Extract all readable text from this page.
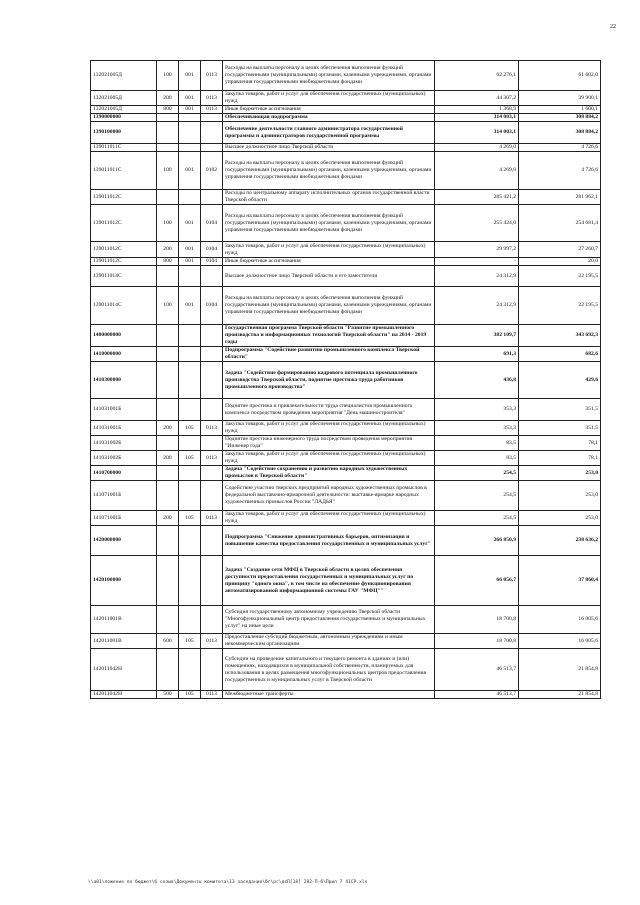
22
132021005Д	100	001	0113	Расходы на выплаты персоналу в целях обеспечения выполнения функций государственными (муниципальными) органами, казенными учреждениями, органами управления государственными внебюджетными фондами	62 276,1	61 602,0
132021005Д	200	001	0113	Закупка товаров, работ и услуг для обеспечения государственных (муниципальных) нужд	44 307,2	39 900,1
132021005Д	800	001	0113	Иные бюджетные ассигнования	1 368,9	1 600,1
1390000000				Обеспечивающая подпрограмма	314 003,1	308 884,2
1390100000				Обеспечение деятельности главного администратора государственной программы и администраторов государственной программы	314 003,1	308 884,2
139011011С				Высшее должностное лицо Тверской области	4 269,0	4 726,6
139011011С	100	001	0102	Расходы на выплаты персоналу в целях обеспечения выполнения функций государственными (муниципальными) органами, казенными учреждениями, органами управления государственными внебюджетными фондами	4 269,0	4 726,6
139011012С				Расходы по центральному аппарату исполнительных органов государственной власти Тверской области	285 421,2	281 962,1
139011012С	100	001	0104	Расходы на выплаты персоналу в целях обеспечения выполнения функций государственными (муниципальными) органами, казенными учреждениями, органами управления государственными внебюджетными фондами	255 424,0	254 681,4
139011012С	200	001	0104	Закупка товаров, работ и услуг для обеспечения государственных (муниципальных) нужд	29 997,2	27 260,7
139011012С	800	001	0104	Иные бюджетные ассигнования	-	20,0
139011014С				Высшее должностное лицо Тверской области и его заместители	24 312,9	22 195,5
139011014С	100	001	0104	Расходы на выплаты персоналу в целях обеспечения выполнения функций государственными (муниципальными) органами, казенными учреждениями, органами управления государственными внебюджетными фондами	24 312,9	22 195,5
1400000000				Государственная программа Тверской области "Развитие промышленного производства и информационных технологий Тверской области" на 2014 - 2019 годы	382 109,7	343 692,3
1410000000				Подпрограмма "Содействие развитию промышленного комплекса Тверской области"	691,3	682,6
1410300000				Задача "Содействие формированию кадрового потенциала промышленного производства Тверской области, поднятие престижа труда работников промышленного производства"	436,8	429,6
141031001Б				Поднятие престижа и привлекательности труда специалистов промышленного комплекса посредством проведения мероприятия "День машиностроителя"	353,3	351,5
141031001Б	200	105	0113	Закупка товаров, работ и услуг для обеспечения государственных (муниципальных) нужд	353,3	351,5
141031002Б				Поднятие престижа инженерного труда посредством проведения мероприятия "Инженер года"	83,5	78,1
141031002Б	200	105	0113	Закупка товаров, работ и услуг для обеспечения государственных (муниципальных) нужд	83,5	78,1
1410700000				Задача "Содействие сохранению и развитию народных художественных промыслов в Тверской области"	254,5	253,0
141071001Б				Содействие участию тверских предприятий народных художественных промыслов в федеральной выставочно-ярмарочной деятельности: выставке-ярмарке народных художественных промыслов России "ЛАДЬЯ"	254,5	253,0
141071001Б	200	105	0113	Закупка товаров, работ и услуг для обеспечения государственных (муниципальных) нужд	254,5	253,0
1420000000				Подпрограмма "Снижение административных барьеров, оптимизация и повышение качества предоставления государственных и муниципальных услуг"	266 850,9	238 636,2
1420100000				Задача "Создание сети МФЦ в Тверской области в целях обеспечения доступности предоставления государственных и муниципальных услуг по принципу "одного окна", в том числе на обеспечение функционирования автоматизированной информационной системы ГАУ "МФЦ""	66 056,7	37 860,4
142011001В				Субсидия государственному автономному учреждению Тверской области "Многофункциональный центр предоставления государственных и муниципальных услуг" на иные цели	18 700,8	16 005,6
142011001В	600	105	0113	Предоставление субсидий бюджетным, автономным учреждениям и иным некоммерческим организациям	18 700,8	16 005,6
142011042Н				Субсидии на проведение капитального и текущего ремонта в зданиях и (или) помещениях, находящихся в муниципальной собственности, планируемых для использования в целях размещения многофункциональных центров предоставления государственных и муниципальных услуг в Тверской области	46 513,7	21 854,8
142011042Н	500	105	0113	Межбюджетные трансферты	46 513,7	21 854,8
\\a01\ложение по бюджет\б созыв\Документы комитета\13 заседание\бг\рг\дсП[18] 282-П-б\Прил 7 41СР.xls
